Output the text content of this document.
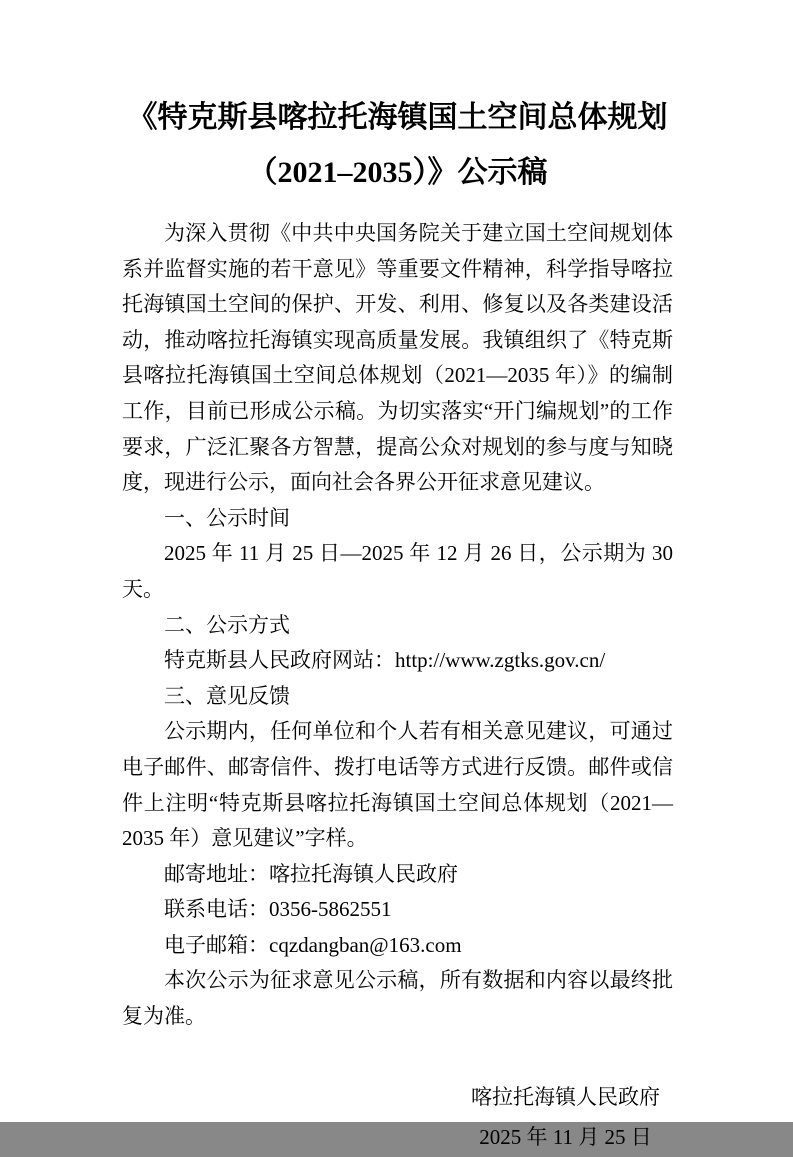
《特克斯县喀拉托海镇国土空间总体规划
（2021–2035）》公示稿

为深入贯彻《中共中央国务院关于建立国土空间规划体系并监督实施的若干意见》等重要文件精神，科学指导喀拉托海镇国土空间的保护、开发、利用、修复以及各类建设活动，推动喀拉托海镇实现高质量发展。我镇组织了《特克斯县喀拉托海镇国土空间总体规划（2021—2035 年）》的编制工作，目前已形成公示稿。为切实落实“开门编规划”的工作要求，广泛汇聚各方智慧，提高公众对规划的参与度与知晓度，现进行公示，面向社会各界公开征求意见建议。

一、公示时间

2025 年 11 月 25 日—2025 年 12 月 26 日，公示期为 30 天。

二、公示方式

特克斯县人民政府网站：http://www.zgtks.gov.cn/

三、意见反馈

公示期内，任何单位和个人若有相关意见建议，可通过电子邮件、邮寄信件、拨打电话等方式进行反馈。邮件或信件上注明“特克斯县喀拉托海镇国土空间总体规划（2021—2035 年）意见建议”字样。

邮寄地址：喀拉托海镇人民政府

联系电话：0356-5862551

电子邮箱：cqzdangban@163.com

本次公示为征求意见公示稿，所有数据和内容以最终批复为准。

喀拉托海镇人民政府
2025 年 11 月 25 日
